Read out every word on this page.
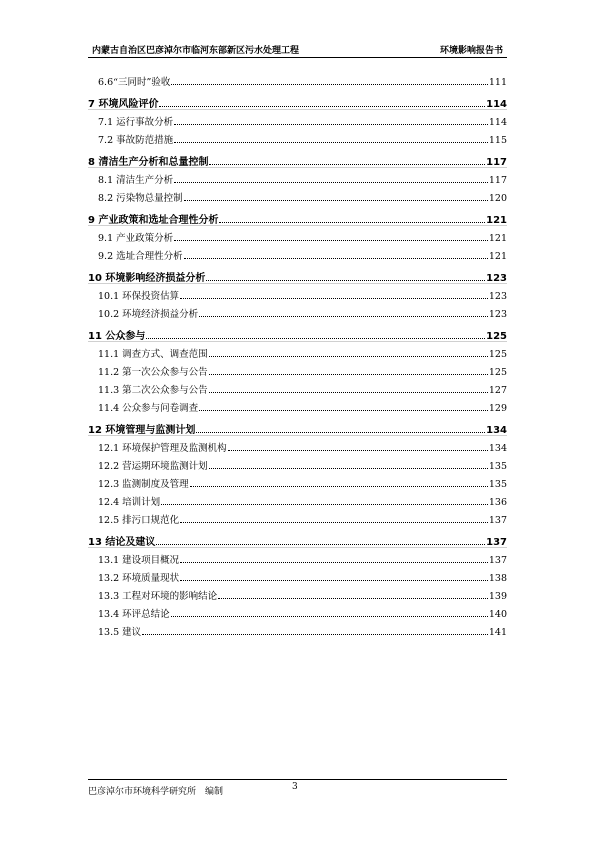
内蒙古自治区巴彦淖尔市临河东部新区污水处理工程	环境影响报告书
6.6“三同时”验收	111
7 环境风险评价	114
7.1 运行事故分析	114
7.2 事故防范措施	115
8 清洁生产分析和总量控制	117
8.1 清洁生产分析	117
8.2 污染物总量控制	120
9 产业政策和选址合理性分析	121
9.1 产业政策分析	121
9.2 选址合理性分析	121
10 环境影响经济损益分析	123
10.1 环保投资估算	123
10.2 环境经济损益分析	123
11 公众参与	125
11.1 调查方式、调查范围	125
11.2 第一次公众参与公告	125
11.3 第二次公众参与公告	127
11.4 公众参与问卷调查	129
12 环境管理与监测计划	134
12.1 环境保护管理及监测机构	134
12.2 营运期环境监测计划	135
12.3 监测制度及管理	135
12.4 培训计划	136
12.5 排污口规范化	137
13 结论及建议	137
13.1 建设项目概况	137
13.2 环境质量现状	138
13.3 工程对环境的影响结论	139
13.4 环评总结论	140
13.5 建议	141
巴彦淖尔市环境科学研究所　编制	3
